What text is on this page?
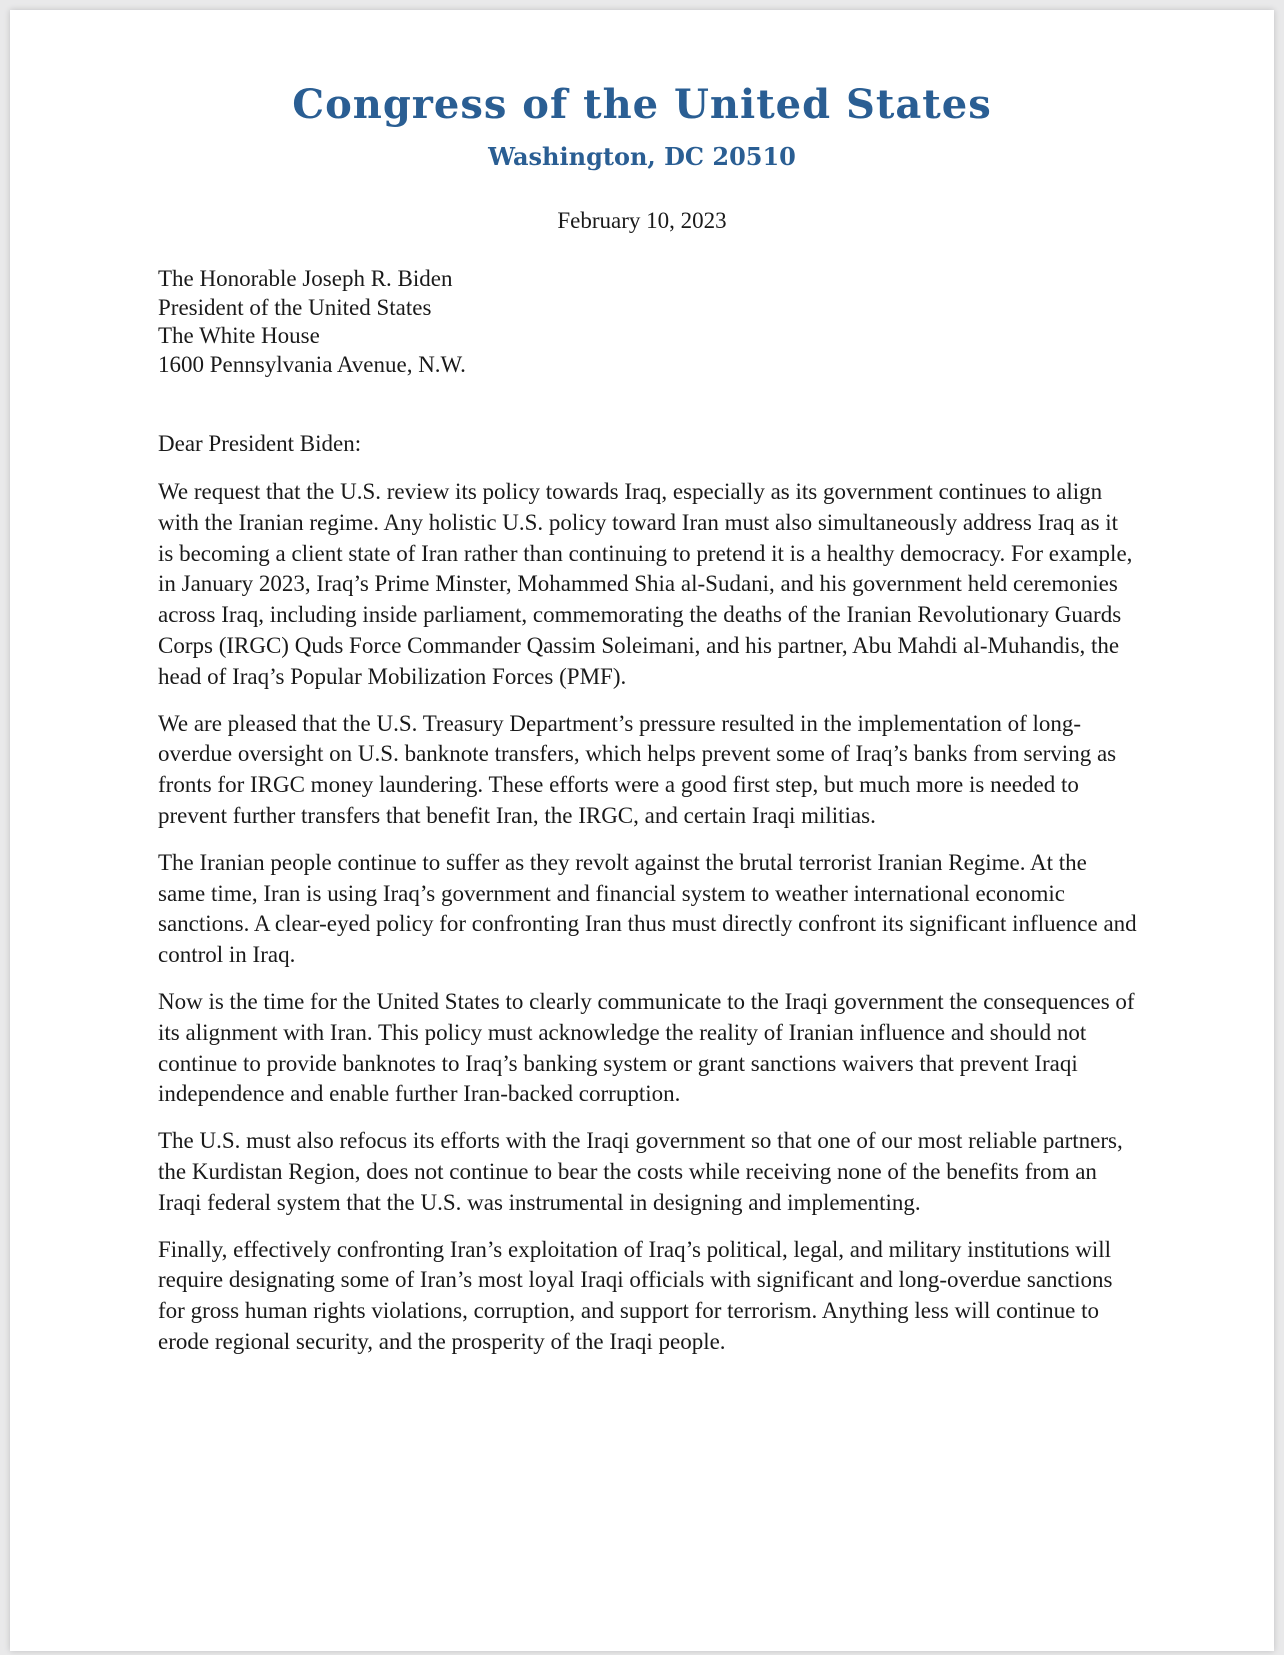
Congress of the United States
Washington, DC 20510
February 10, 2023
The Honorable Joseph R. Biden
President of the United States
The White House
1600 Pennsylvania Avenue, N.W.
Dear President Biden:

We request that the U.S. review its policy towards Iraq, especially as its government continues to align with the Iranian regime. Any holistic U.S. policy toward Iran must also simultaneously address Iraq as it is becoming a client state of Iran rather than continuing to pretend it is a healthy democracy. For example, in January 2023, Iraq’s Prime Minster, Mohammed Shia al-Sudani, and his government held ceremonies across Iraq, including inside parliament, commemorating the deaths of the Iranian Revolutionary Guards Corps (IRGC) Quds Force Commander Qassim Soleimani, and his partner, Abu Mahdi al-Muhandis, the head of Iraq’s Popular Mobilization Forces (PMF).

We are pleased that the U.S. Treasury Department’s pressure resulted in the implementation of long-overdue oversight on U.S. banknote transfers, which helps prevent some of Iraq’s banks from serving as fronts for IRGC money laundering. These efforts were a good first step, but much more is needed to prevent further transfers that benefit Iran, the IRGC, and certain Iraqi militias.

The Iranian people continue to suffer as they revolt against the brutal terrorist Iranian Regime. At the same time, Iran is using Iraq’s government and financial system to weather international economic sanctions. A clear-eyed policy for confronting Iran thus must directly confront its significant influence and control in Iraq.

Now is the time for the United States to clearly communicate to the Iraqi government the consequences of its alignment with Iran. This policy must acknowledge the reality of Iranian influence and should not continue to provide banknotes to Iraq’s banking system or grant sanctions waivers that prevent Iraqi independence and enable further Iran-backed corruption.

The U.S. must also refocus its efforts with the Iraqi government so that one of our most reliable partners, the Kurdistan Region, does not continue to bear the costs while receiving none of the benefits from an Iraqi federal system that the U.S. was instrumental in designing and implementing.

Finally, effectively confronting Iran’s exploitation of Iraq’s political, legal, and military institutions will require designating some of Iran’s most loyal Iraqi officials with significant and long-overdue sanctions for gross human rights violations, corruption, and support for terrorism. Anything less will continue to erode regional security, and the prosperity of the Iraqi people.
